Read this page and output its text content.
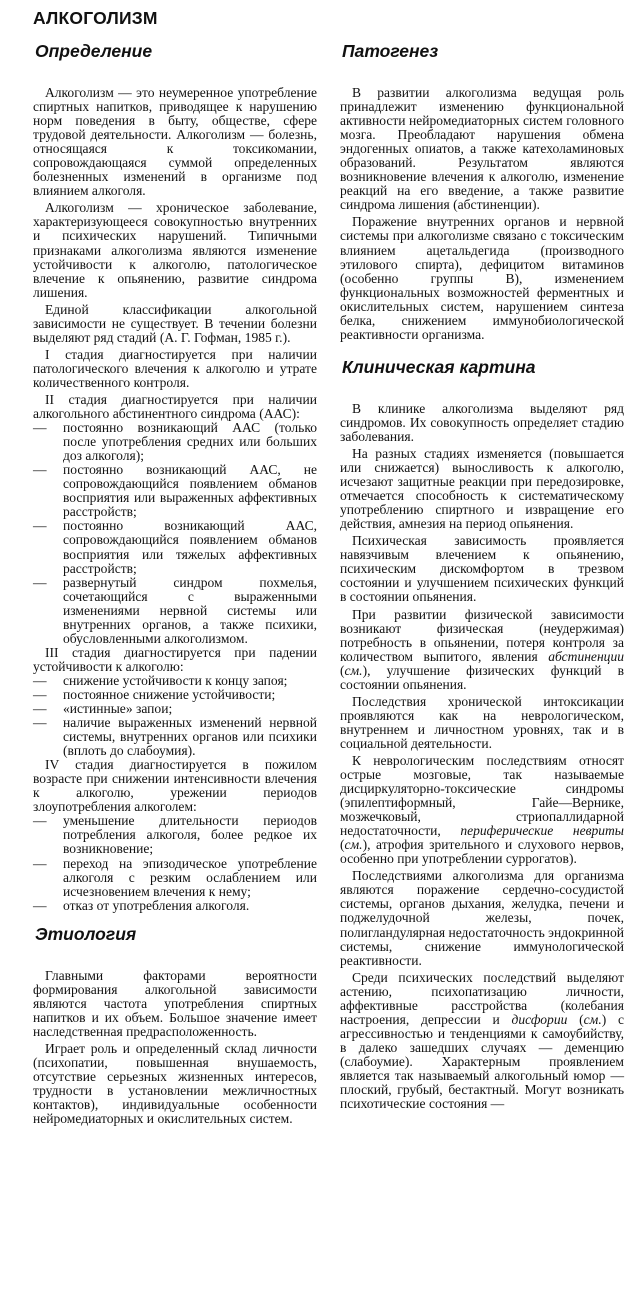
АЛКОГОЛИЗМ
Определение

Алкоголизм — это неумеренное употребление спиртных напитков, приводящее к нарушению норм поведения в быту, обществе, сфере трудовой деятельности. Алкоголизм — болезнь, относящаяся к токсикомании, сопровождающаяся суммой определенных болезненных изменений в организме под влиянием алкоголя.

Алкоголизм — хроническое заболевание, характеризующееся совокупностью внутренних и психических нарушений. Типичными признаками алкоголизма являются изменение устойчивости к алкоголю, патологическое влечение к опьянению, развитие синдрома лишения.

Единой классификации алкогольной зависимости не существует. В течении болезни выделяют ряд стадий (А. Г. Гофман, 1985 г.).

I стадия диагностируется при наличии патологического влечения к алкоголю и утрате количественного контроля.

II стадия диагностируется при наличии алкогольного абстинентного синдрома (ААС):

— постоянно возникающий ААС (только после употребления средних или больших доз алкоголя);
— постоянно возникающий ААС, не сопровождающийся появлением обманов восприятия или выраженных аффективных расстройств;
— постоянно возникающий ААС, сопровождающийся появлением обманов восприятия или тяжелых аффективных расстройств;
— развернутый синдром похмелья, сочетающийся с выраженными изменениями нервной системы или внутренних органов, а также психики, обусловленными алкоголизмом.

III стадия диагностируется при падении устойчивости к алкоголю:

— снижение устойчивости к концу запоя;
— постоянное снижение устойчивости;
— «истинные» запои;
— наличие выраженных изменений нервной системы, внутренних органов или психики (вплоть до слабоумия).

IV стадия диагностируется в пожилом возрасте при снижении интенсивности влечения к алкоголю, урежении периодов злоупотребления алкоголем:

— уменьшение длительности периодов потребления алкоголя, более редкое их возникновение;
— переход на эпизодическое употребление алкоголя с резким ослаблением или исчезновением влечения к нему;
— отказ от употребления алкоголя.
Этиология

Главными факторами вероятности формирования алкогольной зависимости являются частота употребления спиртных напитков и их объем. Большое значение имеет наследственная предрасположенность.

Играет роль и определенный склад личности (психопатии, повышенная внушаемость, отсутствие серьезных жизненных интересов, трудности в установлении межличностных контактов), индивидуальные особенности нейромедиаторных и окислительных систем.

Патогенез

В развитии алкоголизма ведущая роль принадлежит изменению функциональной активности нейромедиаторных систем головного мозга. Преобладают нарушения обмена эндогенных опиатов, а также катехоламиновых образований. Результатом являются возникновение влечения к алкоголю, изменение реакций на его введение, а также развитие синдрома лишения (абстиненции).

Поражение внутренних органов и нервной системы при алкоголизме связано с токсическим влиянием ацетальдегида (производного этилового спирта), дефицитом витаминов (особенно группы В), изменением функциональных возможностей ферментных и окислительных систем, нарушением синтеза белка, снижением иммунобиологической реактивности организма.

Клиническая картина

В клинике алкоголизма выделяют ряд синдромов. Их совокупность определяет стадию заболевания.

На разных стадиях изменяется (повышается или снижается) выносливость к алкоголю, исчезают защитные реакции при передозировке, отмечается способность к систематическому употреблению спиртного и извращение его действия, амнезия на период опьянения.

Психическая зависимость проявляется навязчивым влечением к опьянению, психическим дискомфортом в трезвом состоянии и улучшением психических функций в состоянии опьянения.

При развитии физической зависимости возникают физическая (неудержимая) потребность в опьянении, потеря контроля за количеством выпитого, явления абстиненции (см.), улучшение физических функций в состоянии опьянения.

Последствия хронической интоксикации проявляются как на неврологическом, внутреннем и личностном уровнях, так и в социальной деятельности.

К неврологическим последствиям относят острые мозговые, так называемые дисциркуляторно-токсические синдромы (эпилептиформный, Гайе—Вернике, мозжечковый, стриопаллидарной недостаточности, периферические невриты (см.), атрофия зрительного и слухового нервов, особенно при употреблении суррогатов).

Последствиями алкоголизма для организма являются поражение сердечно-сосудистой системы, органов дыхания, желудка, печени и поджелудочной железы, почек, полигландулярная недостаточность эндокринной системы, снижение иммунологической реактивности.

Среди психических последствий выделяют астению, психопатизацию личности, аффективные расстройства (колебания настроения, депрессии и дисфории (см.) с агрессивностью и тенденциями к самоубийству, в далеко зашедших случаях — деменцию (слабоумие). Характерным проявлением является так называемый алкогольный юмор — плоский, грубый, бестактный. Могут возникать психотические состояния —
